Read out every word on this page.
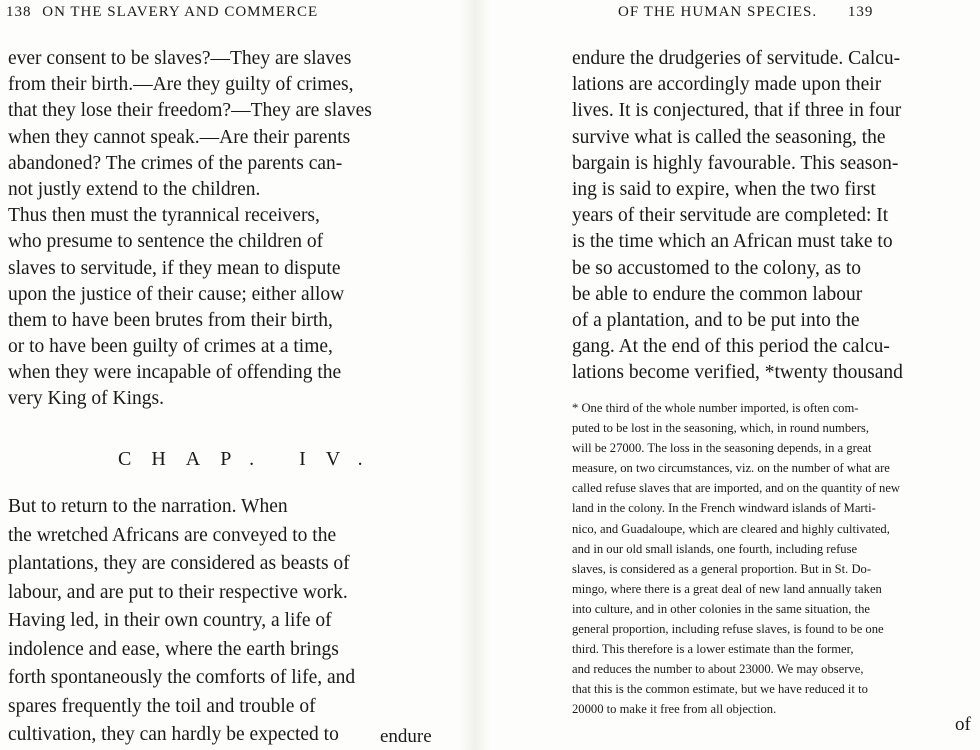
138 ON THE SLAVERY AND COMMERCE
ever consent to be slaves?—They are slaves
from their birth.—Are they guilty of crimes,
that they lose their freedom?—They are slaves
when they cannot speak.—Are their parents
abandoned? The crimes of the parents can-
not justly extend to the children.
Thus then must the tyrannical receivers,
who presume to sentence the children of
slaves to servitude, if they mean to dispute
upon the justice of their cause; either allow
them to have been brutes from their birth,
or to have been guilty of crimes at a time,
when they were incapable of offending the
very King of Kings.
CHAP. IV.
But to return to the narration. When
the wretched Africans are conveyed to the
plantations, they are considered as beasts of
labour, and are put to their respective work.
Having led, in their own country, a life of
indolence and ease, where the earth brings
forth spontaneously the comforts of life, and
spares frequently the toil and trouble of
cultivation, they can hardly be expected to	endure
OF THE HUMAN SPECIES. 139
endure the drudgeries of servitude. Calcu-
lations are accordingly made upon their
lives. It is conjectured, that if three in four
survive what is called the seasoning, the
bargain is highly favourable. This season-
ing is said to expire, when the two first
years of their servitude are completed: It
is the time which an African must take to
be so accustomed to the colony, as to
be able to endure the common labour
of a plantation, and to be put into the
gang. At the end of this period the calcu-
lations become verified, *twenty thousand
* One third of the whole number imported, is often com-
puted to be lost in the seasoning, which, in round numbers,
will be 27000. The loss in the seasoning depends, in a great
measure, on two circumstances, viz. on the number of what are
called refuse slaves that are imported, and on the quantity of new
land in the colony. In the French windward islands of Marti-
nico, and Guadaloupe, which are cleared and highly cultivated,
and in our old small islands, one fourth, including refuse
slaves, is considered as a general proportion. But in St. Do-
mingo, where there is a great deal of new land annually taken
into culture, and in other colonies in the same situation, the
general proportion, including refuse slaves, is found to be one
third. This therefore is a lower estimate than the former,
and reduces the number to about 23000. We may observe,
that this is the common estimate, but we have reduced it to
20000 to make it free from all objection.
of
